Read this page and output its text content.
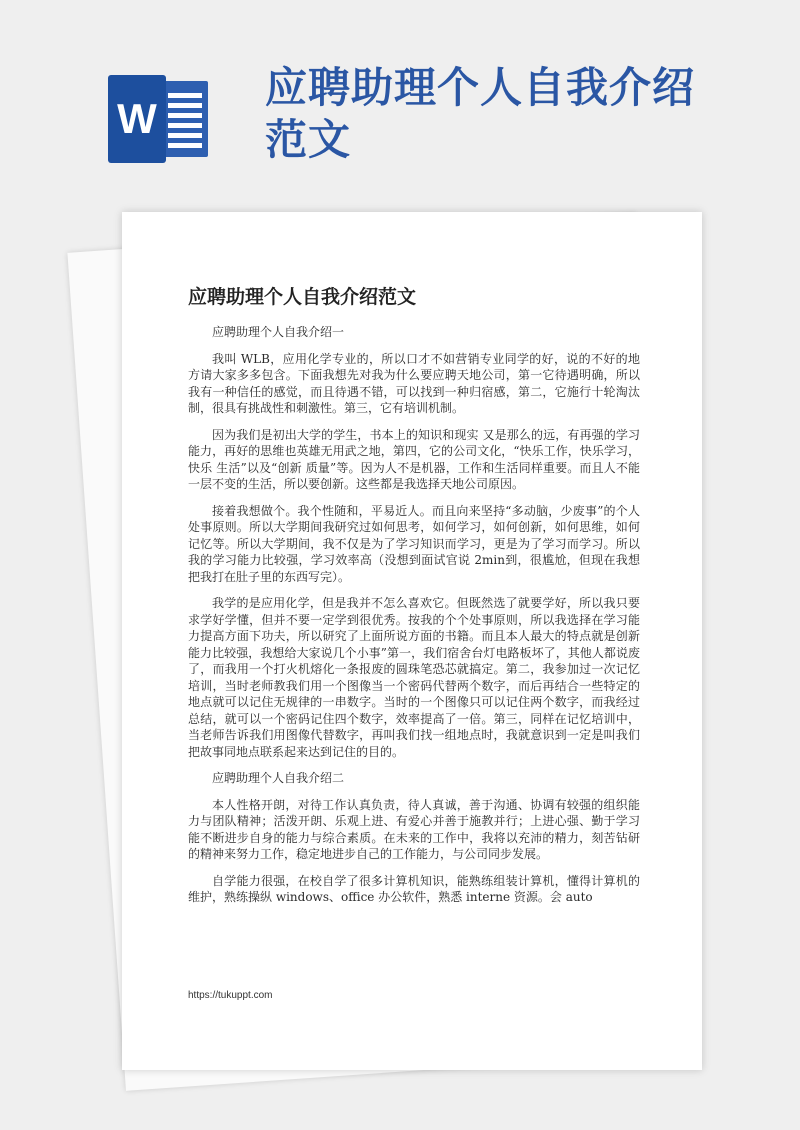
W
应聘助理个人自我介绍范文
应聘助理个人自我介绍范文
应聘助理个人自我介绍一

我叫 WLB，应用化学专业的，所以口才不如营销专业同学的好，说的不好的地方请大家多多包含。下面我想先对我为什么要应聘天地公司，第一它待遇明确，所以我有一种信任的感觉，而且待遇不错，可以找到一种归宿感，第二，它施行十轮淘汰制，很具有挑战性和刺激性。第三，它有培训机制。

因为我们是初出大学的学生，书本上的知识和现实 又是那么的远，有再强的学习能力，再好的思维也英雄无用武之地，第四，它的公司文化，“快乐工作，快乐学习，快乐 生活”以及“创新 质量”等。因为人不是机器，工作和生活同样重要。而且人不能一层不变的生活，所以要创新。这些都是我选择天地公司原因。

接着我想做个。我个性随和，平易近人。而且向来坚持“多动脑，少废事”的个人处事原则。所以大学期间我研究过如何思考，如何学习，如何创新，如何思维，如何记忆等。所以大学期间，我不仅是为了学习知识而学习，更是为了学习而学习。所以我的学习能力比较强，学习效率高（没想到面试官说 2min到，很尴尬，但现在我想把我打在肚子里的东西写完）。

我学的是应用化学，但是我并不怎么喜欢它。但既然选了就要学好，所以我只要求学好学懂，但并不要一定学到很优秀。按我的个个处事原则，所以我选择在学习能力提高方面下功夫，所以研究了上面所说方面的书籍。而且本人最大的特点就是创新能力比较强，我想给大家说几个小事”第一，我们宿舍台灯电路板坏了，其他人都说废了，而我用一个打火机熔化一条报废的圆珠笔恐芯就搞定。第二，我参加过一次记忆培训，当时老师教我们用一个图像当一个密码代替两个数字，而后再结合一些特定的地点就可以记住无规律的一串数字。当时的一个图像只可以记住两个数字，而我经过总结，就可以一个密码记住四个数字，效率提高了一倍。第三，同样在记忆培训中，当老师告诉我们用图像代替数字，再叫我们找一组地点时，我就意识到一定是叫我们把故事同地点联系起来达到记住的目的。

应聘助理个人自我介绍二

本人性格开朗，对待工作认真负责，待人真诚，善于沟通、协调有较强的组织能力与团队精神；活泼开朗、乐观上进、有爱心并善于施教并行；上进心强、勤于学习能不断进步自身的能力与综合素质。在未来的工作中，我将以充沛的精力，刻苦钻研的精神来努力工作，稳定地进步自己的工作能力，与公司同步发展。

自学能力很强，在校自学了很多计算机知识，能熟练组装计算机，懂得计算机的维护，熟练操纵 windows、office 办公软件，熟悉 interne 资源。会 auto

https://tukuppt.com
